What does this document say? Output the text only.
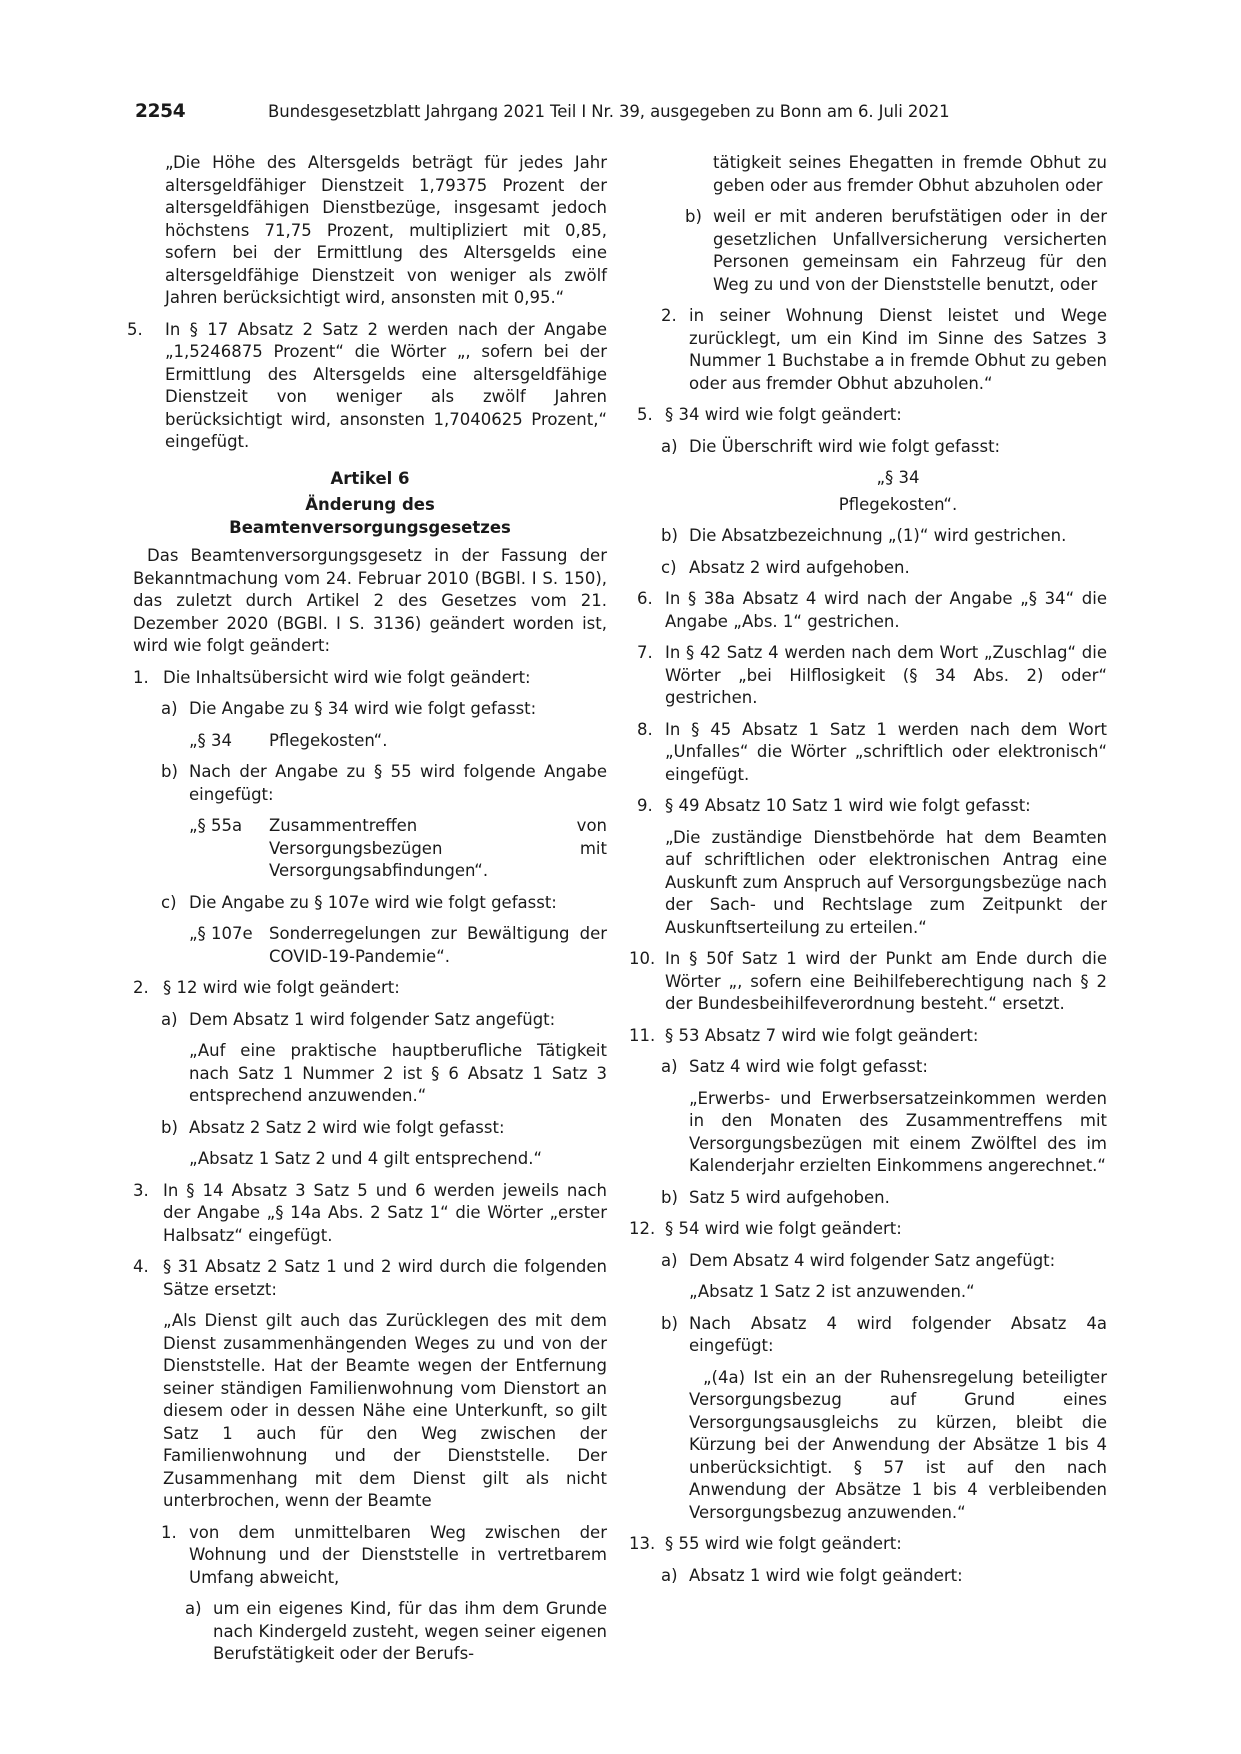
2254	Bundesgesetzblatt Jahrgang 2021 Teil I Nr. 39, ausgegeben zu Bonn am 6. Juli 2021
„Die Höhe des Altersgelds beträgt für jedes Jahr altersgeldfähiger Dienstzeit 1,79375 Prozent der altersgeldfähigen Dienstbezüge, insgesamt jedoch höchstens 71,75 Prozent, multipliziert mit 0,85, sofern bei der Ermittlung des Altersgelds eine altersgeldfähige Dienstzeit von weniger als zwölf Jahren berücksichtigt wird, ansonsten mit 0,95.“
5.	In § 17 Absatz 2 Satz 2 werden nach der Angabe „1,5246875 Prozent“ die Wörter „, sofern bei der Ermittlung des Altersgelds eine altersgeldfähige Dienstzeit von weniger als zwölf Jahren berücksichtigt wird, ansonsten 1,7040625 Prozent,“ eingefügt.
Artikel 6
Änderung des
Beamtenversorgungsgesetzes
Das Beamtenversorgungsgesetz in der Fassung der Bekanntmachung vom 24. Februar 2010 (BGBl. I S. 150), das zuletzt durch Artikel 2 des Gesetzes vom 21. Dezember 2020 (BGBl. I S. 3136) geändert worden ist, wird wie folgt geändert:
1. Die Inhaltsübersicht wird wie folgt geändert:
a) Die Angabe zu § 34 wird wie folgt gefasst:
„§ 34	Pflegekosten“.
b) Nach der Angabe zu § 55 wird folgende Angabe eingefügt:
„§ 55a	Zusammentreffen von Versorgungsbezügen mit Versorgungsabfindungen“.
c) Die Angabe zu § 107e wird wie folgt gefasst:
„§ 107e Sonderregelungen zur Bewältigung der COVID-19-Pandemie“.
2. § 12 wird wie folgt geändert:
a) Dem Absatz 1 wird folgender Satz angefügt:
„Auf eine praktische hauptberufliche Tätigkeit nach Satz 1 Nummer 2 ist § 6 Absatz 1 Satz 3 entsprechend anzuwenden.“
b) Absatz 2 Satz 2 wird wie folgt gefasst:
„Absatz 1 Satz 2 und 4 gilt entsprechend.“
3. In § 14 Absatz 3 Satz 5 und 6 werden jeweils nach der Angabe „§ 14a Abs. 2 Satz 1“ die Wörter „erster Halbsatz“ eingefügt.
4. § 31 Absatz 2 Satz 1 und 2 wird durch die folgenden Sätze ersetzt:
„Als Dienst gilt auch das Zurücklegen des mit dem Dienst zusammenhängenden Weges zu und von der Dienststelle. Hat der Beamte wegen der Entfernung seiner ständigen Familienwohnung vom Dienstort an diesem oder in dessen Nähe eine Unterkunft, so gilt Satz 1 auch für den Weg zwischen der Familienwohnung und der Dienststelle. Der Zusammenhang mit dem Dienst gilt als nicht unterbrochen, wenn der Beamte
1. von dem unmittelbaren Weg zwischen der Wohnung und der Dienststelle in vertretbarem Umfang abweicht,
a) um ein eigenes Kind, für das ihm dem Grunde nach Kindergeld zusteht, wegen seiner eigenen Berufstätigkeit oder der Berufs-
tätigkeit seines Ehegatten in fremde Obhut zu geben oder aus fremder Obhut abzuholen oder
b) weil er mit anderen berufstätigen oder in der gesetzlichen Unfallversicherung versicherten Personen gemeinsam ein Fahrzeug für den Weg zu und von der Dienststelle benutzt, oder
2. in seiner Wohnung Dienst leistet und Wege zurücklegt, um ein Kind im Sinne des Satzes 3 Nummer 1 Buchstabe a in fremde Obhut zu geben oder aus fremder Obhut abzuholen.“
5. § 34 wird wie folgt geändert:
a) Die Überschrift wird wie folgt gefasst:
„§ 34
Pflegekosten“.
b) Die Absatzbezeichnung „(1)“ wird gestrichen.
c) Absatz 2 wird aufgehoben.
6. In § 38a Absatz 4 wird nach der Angabe „§ 34“ die Angabe „Abs. 1“ gestrichen.
7. In § 42 Satz 4 werden nach dem Wort „Zuschlag“ die Wörter „bei Hilflosigkeit (§ 34 Abs. 2) oder“ gestrichen.
8. In § 45 Absatz 1 Satz 1 werden nach dem Wort „Unfalles“ die Wörter „schriftlich oder elektronisch“ eingefügt.
9. § 49 Absatz 10 Satz 1 wird wie folgt gefasst:
„Die zuständige Dienstbehörde hat dem Beamten auf schriftlichen oder elektronischen Antrag eine Auskunft zum Anspruch auf Versorgungsbezüge nach der Sach- und Rechtslage zum Zeitpunkt der Auskunftserteilung zu erteilen.“
10. In § 50f Satz 1 wird der Punkt am Ende durch die Wörter „, sofern eine Beihilfeberechtigung nach § 2 der Bundesbeihilfeverordnung besteht.“ ersetzt.
11. § 53 Absatz 7 wird wie folgt geändert:
a) Satz 4 wird wie folgt gefasst:
„Erwerbs- und Erwerbsersatzeinkommen werden in den Monaten des Zusammentreffens mit Versorgungsbezügen mit einem Zwölftel des im Kalenderjahr erzielten Einkommens angerechnet.“
b) Satz 5 wird aufgehoben.
12. § 54 wird wie folgt geändert:
a) Dem Absatz 4 wird folgender Satz angefügt:
„Absatz 1 Satz 2 ist anzuwenden.“
b) Nach Absatz 4 wird folgender Absatz 4a eingefügt:
„(4a) Ist ein an der Ruhensregelung beteiligter Versorgungsbezug auf Grund eines Versorgungsausgleichs zu kürzen, bleibt die Kürzung bei der Anwendung der Absätze 1 bis 4 unberücksichtigt. § 57 ist auf den nach Anwendung der Absätze 1 bis 4 verbleibenden Versorgungsbezug anzuwenden.“
13. § 55 wird wie folgt geändert:
a) Absatz 1 wird wie folgt geändert:
